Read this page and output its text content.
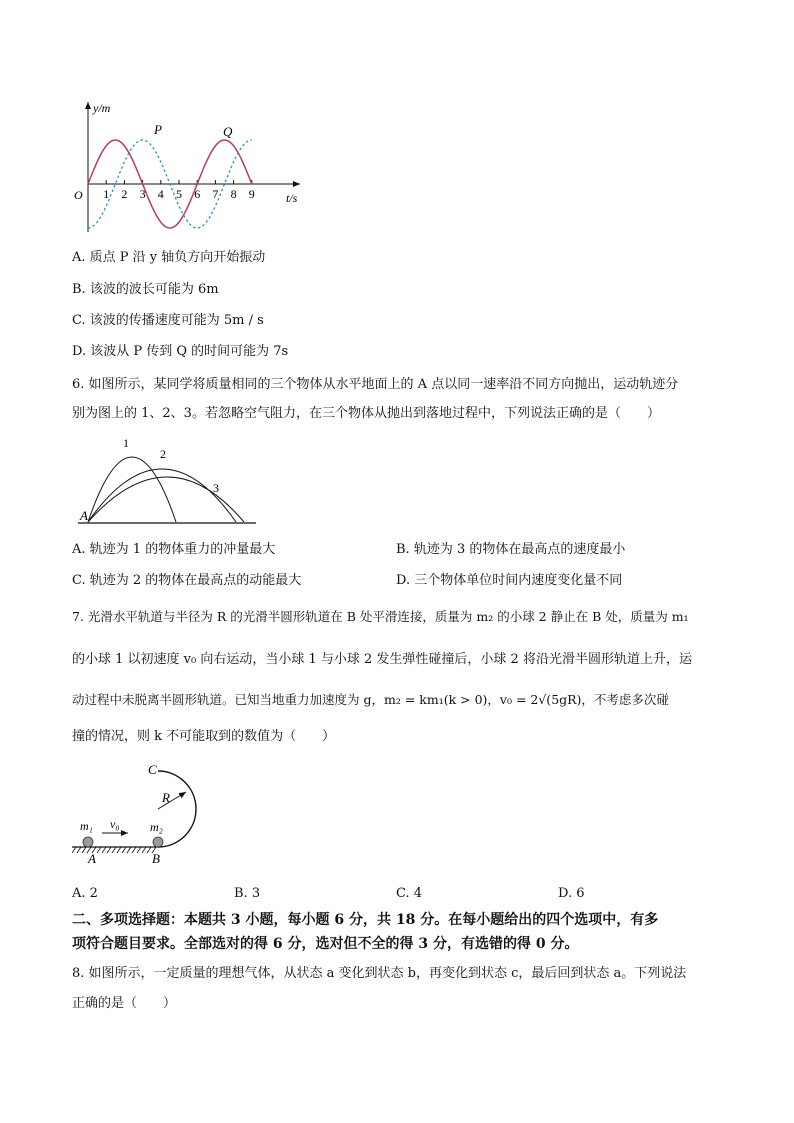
y/m
t/s
O 1 2 3 4 5 6 7 8 9
P	Q
A. 质点 P 沿 y 轴负方向开始振动
B. 该波的波长可能为 6m
C. 该波的传播速度可能为 5m / s
D. 该波从 P 传到 Q 的时间可能为 7s
6. 如图所示，某同学将质量相同的三个物体从水平地面上的 A 点以同一速率沿不同方向抛出，运动轨迹分
别为图上的 1、2、3。若忽略空气阻力，在三个物体从抛出到落地过程中，下列说法正确的是（　　）
A
1
2
3
A. 轨迹为 1 的物体重力的冲量最大	B. 轨迹为 3 的物体在最高点的速度最小
C. 轨迹为 2 的物体在最高点的动能最大	D. 三个物体单位时间内速度变化量不同
7. 光滑水平轨道与半径为 R 的光滑半圆形轨道在 B 处平滑连接，质量为 m₂ 的小球 2 静止在 B 处，质量为 m₁
的小球 1 以初速度 v₀ 向右运动，当小球 1 与小球 2 发生弹性碰撞后，小球 2 将沿光滑半圆形轨道上升，运
动过程中未脱离半圆形轨道。已知当地重力加速度为 g，m₂ = km₁(k > 0)，v₀ = 2√(5gR)，不考虑多次碰
撞的情况，则 k 不可能取到的数值为（　　）
C
R
m₁ v₀	m₂
A	B
A. 2	B. 3	C. 4	D. 6
二、多项选择题：本题共 3 小题，每小题 6 分，共 18 分。在每小题给出的四个选项中，有多
项符合题目要求。全部选对的得 6 分，选对但不全的得 3 分，有选错的得 0 分。
8. 如图所示，一定质量的理想气体，从状态 a 变化到状态 b，再变化到状态 c，最后回到状态 a。下列说法
正确的是（　　）
